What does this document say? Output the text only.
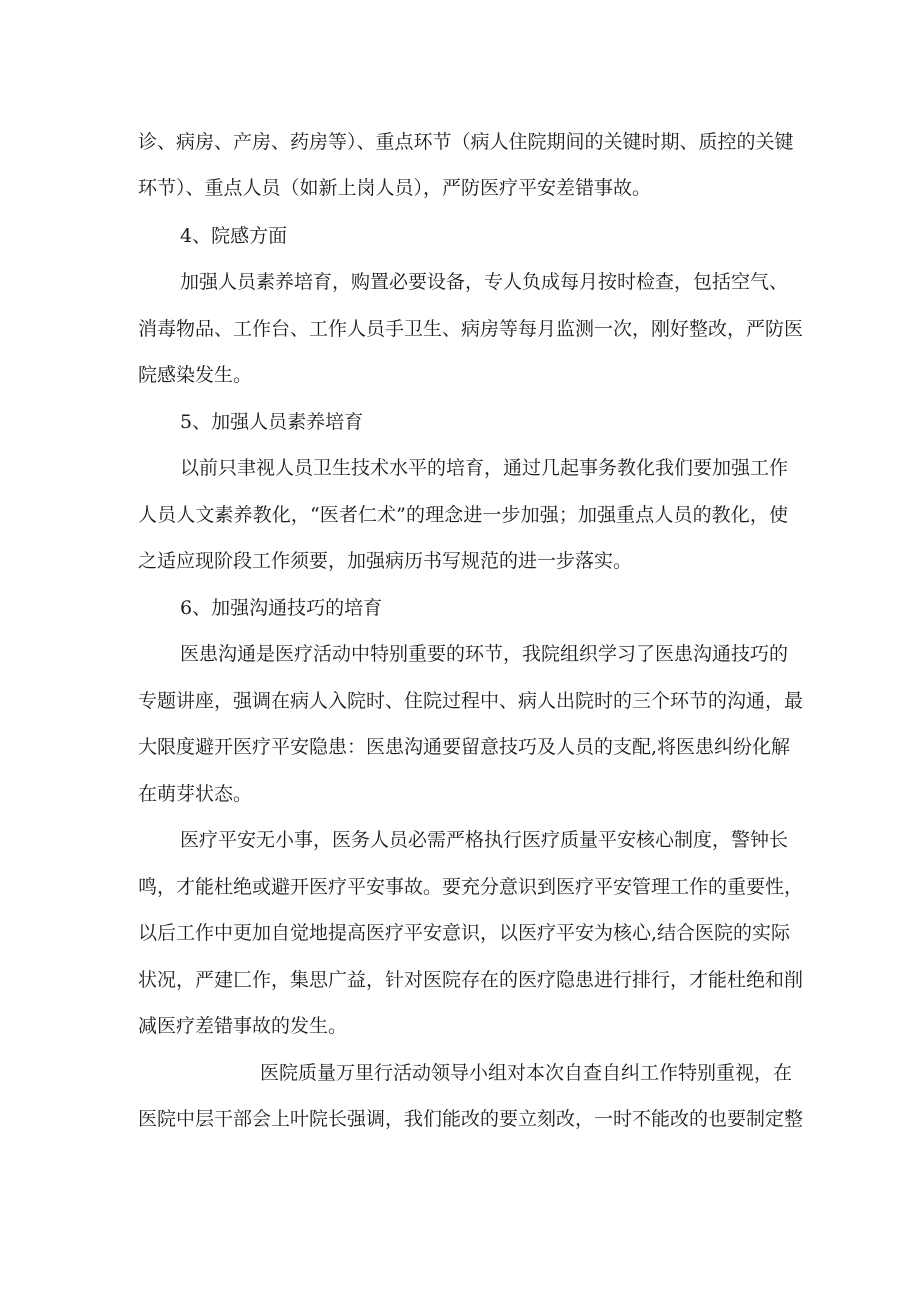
诊、病房、产房、药房等）、重点环节（病人住院期间的关键时期、质控的关键
环节）、重点人员（如新上岗人员），严防医疗平安差错事故。
4、院感方面
加强人员素养培育，购置必要设备，专人负成每月按时检查，包括空气、
消毒物品、工作台、工作人员手卫生、病房等每月监测一次，刚好整改，严防医
院感染发生。
5、加强人员素养培育
以前只聿视人员卫生技术水平的培育，通过几起事务教化我们要加强工作
人员人文素养教化，“医者仁术”的理念进一步加强；加强重点人员的教化，使
之适应现阶段工作须要，加强病历书写规范的进一步落实。
6、加强沟通技巧的培育
医患沟通是医疗活动中特别重要的环节，我院组织学习了医患沟通技巧的
专题讲座，强调在病人入院时、住院过程中、病人出院时的三个环节的沟通，最
大限度避开医疗平安隐患：医患沟通要留意技巧及人员的支配,将医患纠纷化解
在萌芽状态。
医疗平安无小事，医务人员必需严格执行医疗质量平安核心制度，警钟长
鸣，才能杜绝或避开医疗平安事故。要充分意识到医疗平安管理工作的重要性，
以后工作中更加自觉地提高医疗平安意识，以医疗平安为核心,结合医院的实际
状况，严建匚作，集思广益，针对医院存在的医疗隐患进行排行，才能杜绝和削
减医疗差错事故的发生。
医院质量万里行活动领导小组对本次自查自纠工作特别重视，在
医院中层干部会上叶院长强调，我们能改的要立刻改，一时不能改的也要制定整
